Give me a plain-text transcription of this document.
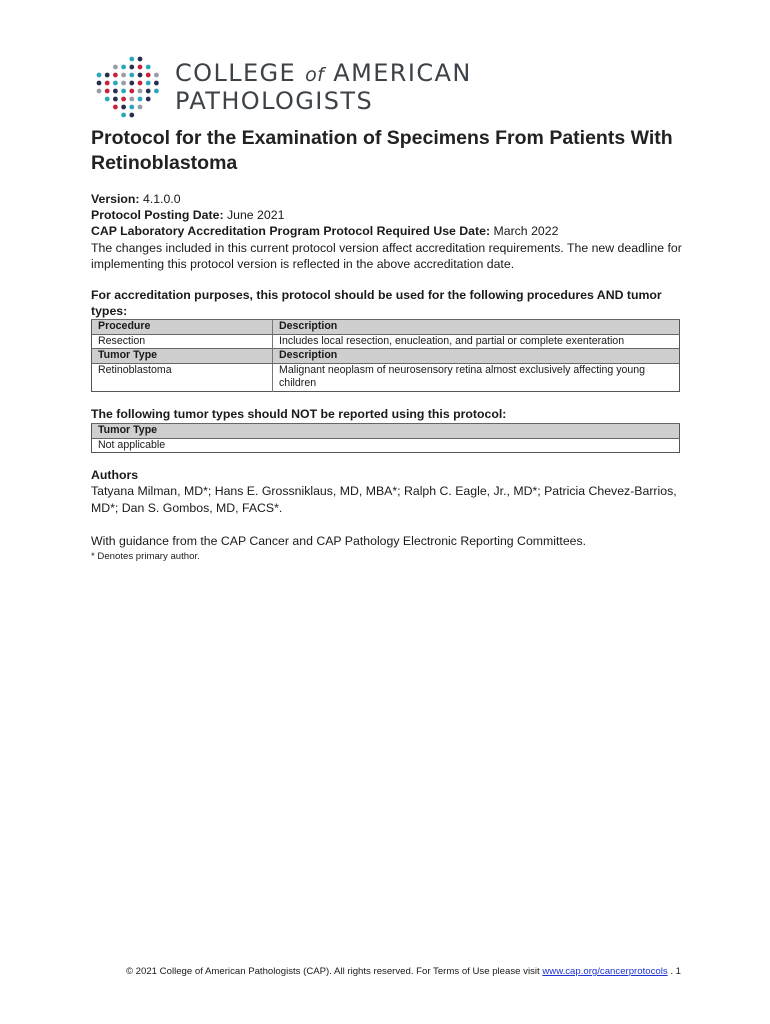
COLLEGE of AMERICAN
PATHOLOGISTS
Protocol for the Examination of Specimens From Patients With Retinoblastoma
Version: 4.1.0.0
Protocol Posting Date: June 2021
CAP Laboratory Accreditation Program Protocol Required Use Date: March 2022
The changes included in this current protocol version affect accreditation requirements. The new deadline for implementing this protocol version is reflected in the above accreditation date.
For accreditation purposes, this protocol should be used for the following procedures AND tumor types:
Procedure	Description
Resection	Includes local resection, enucleation, and partial or complete exenteration
Tumor Type	Description
Retinoblastoma	Malignant neoplasm of neurosensory retina almost exclusively affecting young children
The following tumor types should NOT be reported using this protocol:
Tumor Type
Not applicable
Authors
Tatyana Milman, MD*; Hans E. Grossniklaus, MD, MBA*; Ralph C. Eagle, Jr., MD*; Patricia Chevez-Barrios, MD*; Dan S. Gombos, MD, FACS*.
With guidance from the CAP Cancer and CAP Pathology Electronic Reporting Committees.
* Denotes primary author.
© 2021 College of American Pathologists (CAP). All rights reserved. For Terms of Use please visit www.cap.org/cancerprotocols . 1
